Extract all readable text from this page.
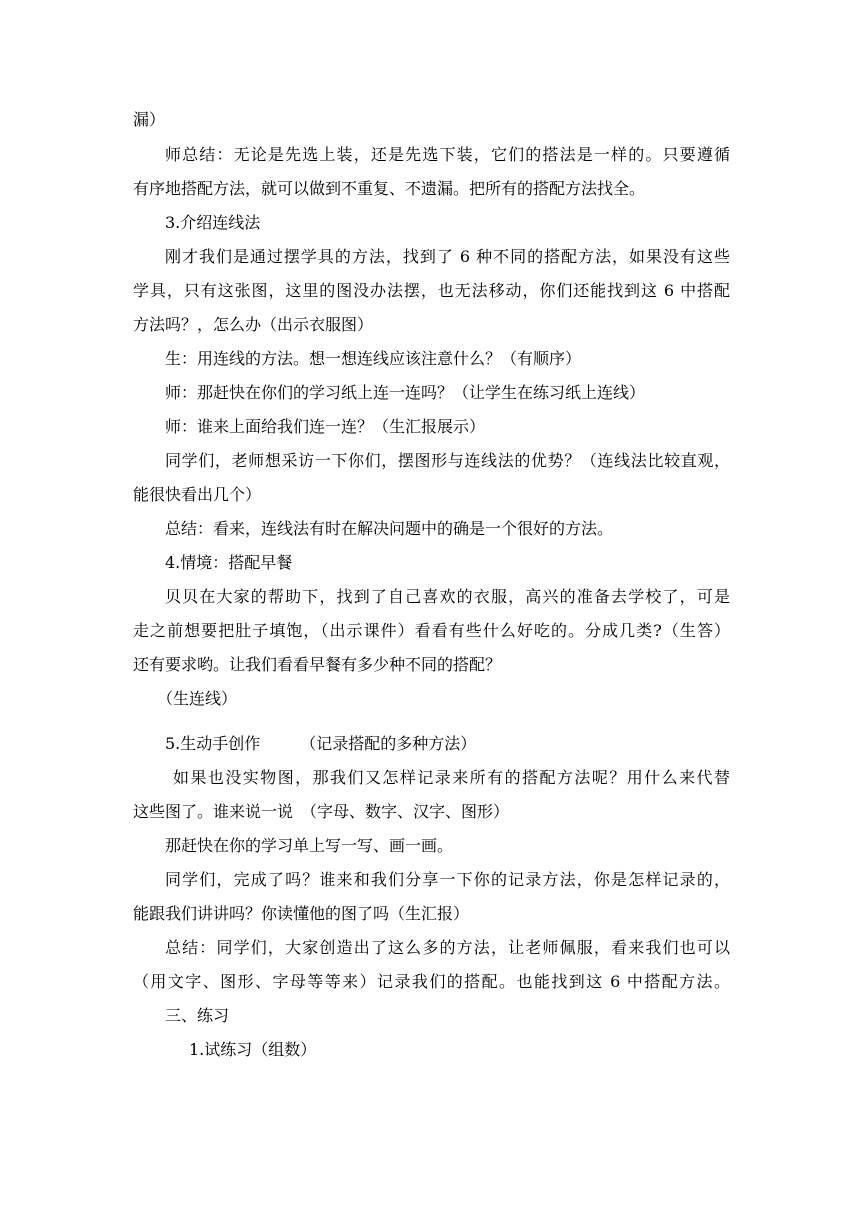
漏）
师总结：无论是先选上装，还是先选下装，它们的搭法是一样的。只要遵循
有序地搭配方法，就可以做到不重复、不遗漏。把所有的搭配方法找全。
3.介绍连线法
刚才我们是通过摆学具的方法，找到了 6 种不同的搭配方法，如果没有这些
学具，只有这张图，这里的图没办法摆，也无法移动，你们还能找到这 6 中搭配
方法吗？，怎么办（出示衣服图）
生：用连线的方法。想一想连线应该注意什么？（有顺序）
师：那赶快在你们的学习纸上连一连吗？（让学生在练习纸上连线）
师：谁来上面给我们连一连？（生汇报展示）
同学们，老师想采访一下你们，摆图形与连线法的优势？（连线法比较直观，
能很快看出几个）
总结：看来，连线法有时在解决问题中的确是一个很好的方法。
4.情境：搭配早餐
贝贝在大家的帮助下，找到了自己喜欢的衣服，高兴的准备去学校了，可是
走之前想要把肚子填饱，（出示课件）看看有些什么好吃的。分成几类?（生答）
还有要求哟。让我们看看早餐有多少种不同的搭配？
（生连线）
5.生动手创作　　　（记录搭配的多种方法）
如果也没实物图，那我们又怎样记录来所有的搭配方法呢？用什么来代替
这些图了。谁来说一说　（字母、数字、汉字、图形）
那赶快在你的学习单上写一写、画一画。
同学们，完成了吗？谁来和我们分享一下你的记录方法，你是怎样记录的，
能跟我们讲讲吗？你读懂他的图了吗（生汇报）
总结：同学们，大家创造出了这么多的方法，让老师佩服，看来我们也可以
（用文字、图形、字母等等来）记录我们的搭配。也能找到这 6 中搭配方法。
三、练习
1.试练习（组数）
